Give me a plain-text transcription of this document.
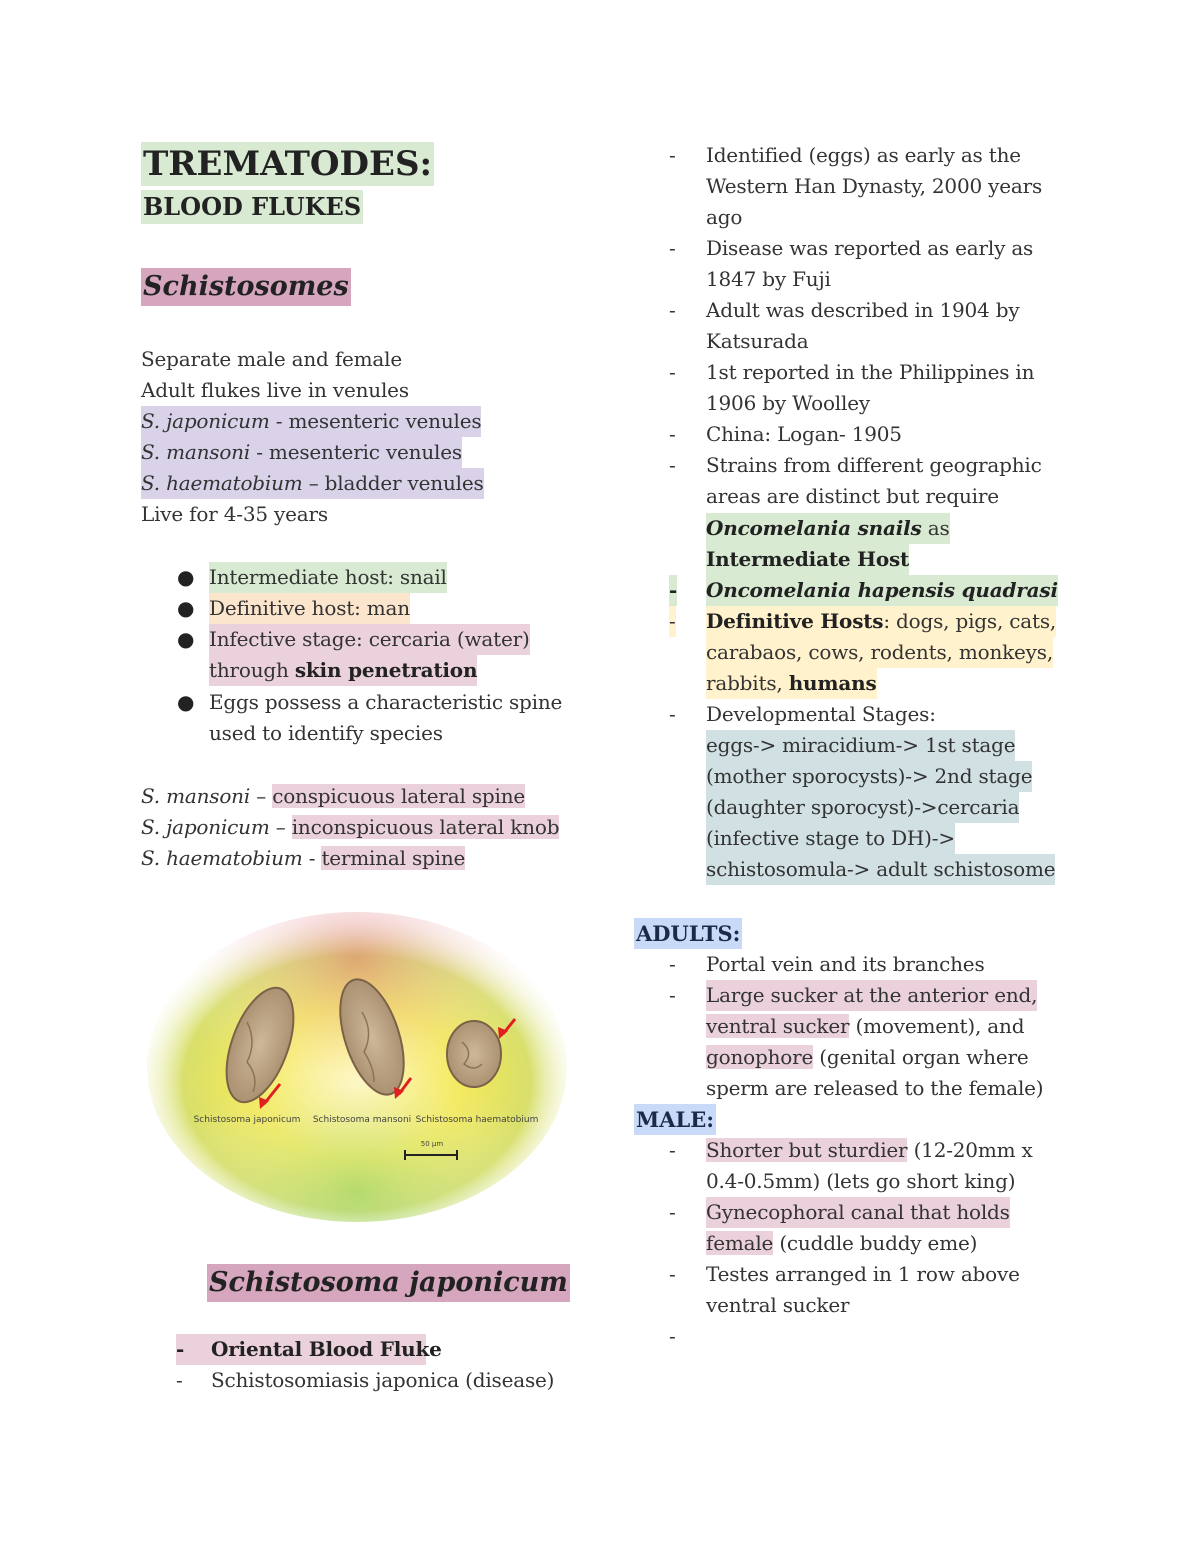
TREMATODES:
BLOOD FLUKES
Schistosomes
Separate male and female
Adult flukes live in venules
S. japonicum - mesenteric venules
S. mansoni - mesenteric venules
S. haematobium – bladder venules
Live for 4-35 years
● Intermediate host: snail
● Definitive host: man
● Infective stage: cercaria (water)
through skin penetration
● Eggs possess a characteristic spine
used to identify species
S. mansoni – conspicuous lateral spine
S. japonicum – inconspicuous lateral knob
S. haematobium - terminal spine
Schistosoma japonicum
- Oriental Blood Fluke
- Schistosomiasis japonica (disease)
Schistosoma japonicum Schistosoma mansoni Schistosoma haematobium
50 µm
- Identified (eggs) as early as the
Western Han Dynasty, 2000 years
ago
- Disease was reported as early as
1847 by Fuji
- Adult was described in 1904 by
Katsurada
- 1st reported in the Philippines in
1906 by Woolley
- China: Logan- 1905
- Strains from different geographic
areas are distinct but require
Oncomelania snails as
Intermediate Host
- Oncomelania hapensis quadrasi
- Definitive Hosts: dogs, pigs, cats,
carabaos, cows, rodents, monkeys,
rabbits, humans
- Developmental Stages:
eggs-> miracidium-> 1st stage
(mother sporocysts)-> 2nd stage
(daughter sporocyst)->cercaria
(infective stage to DH)->
schistosomula-> adult schistosome
ADULTS:
- Portal vein and its branches
- Large sucker at the anterior end,
ventral sucker (movement), and
gonophore (genital organ where
sperm are released to the female)
MALE:
- Shorter but sturdier (12-20mm x
0.4-0.5mm) (lets go short king)
- Gynecophoral canal that holds
female (cuddle buddy eme)
- Testes arranged in 1 row above
ventral sucker
-
